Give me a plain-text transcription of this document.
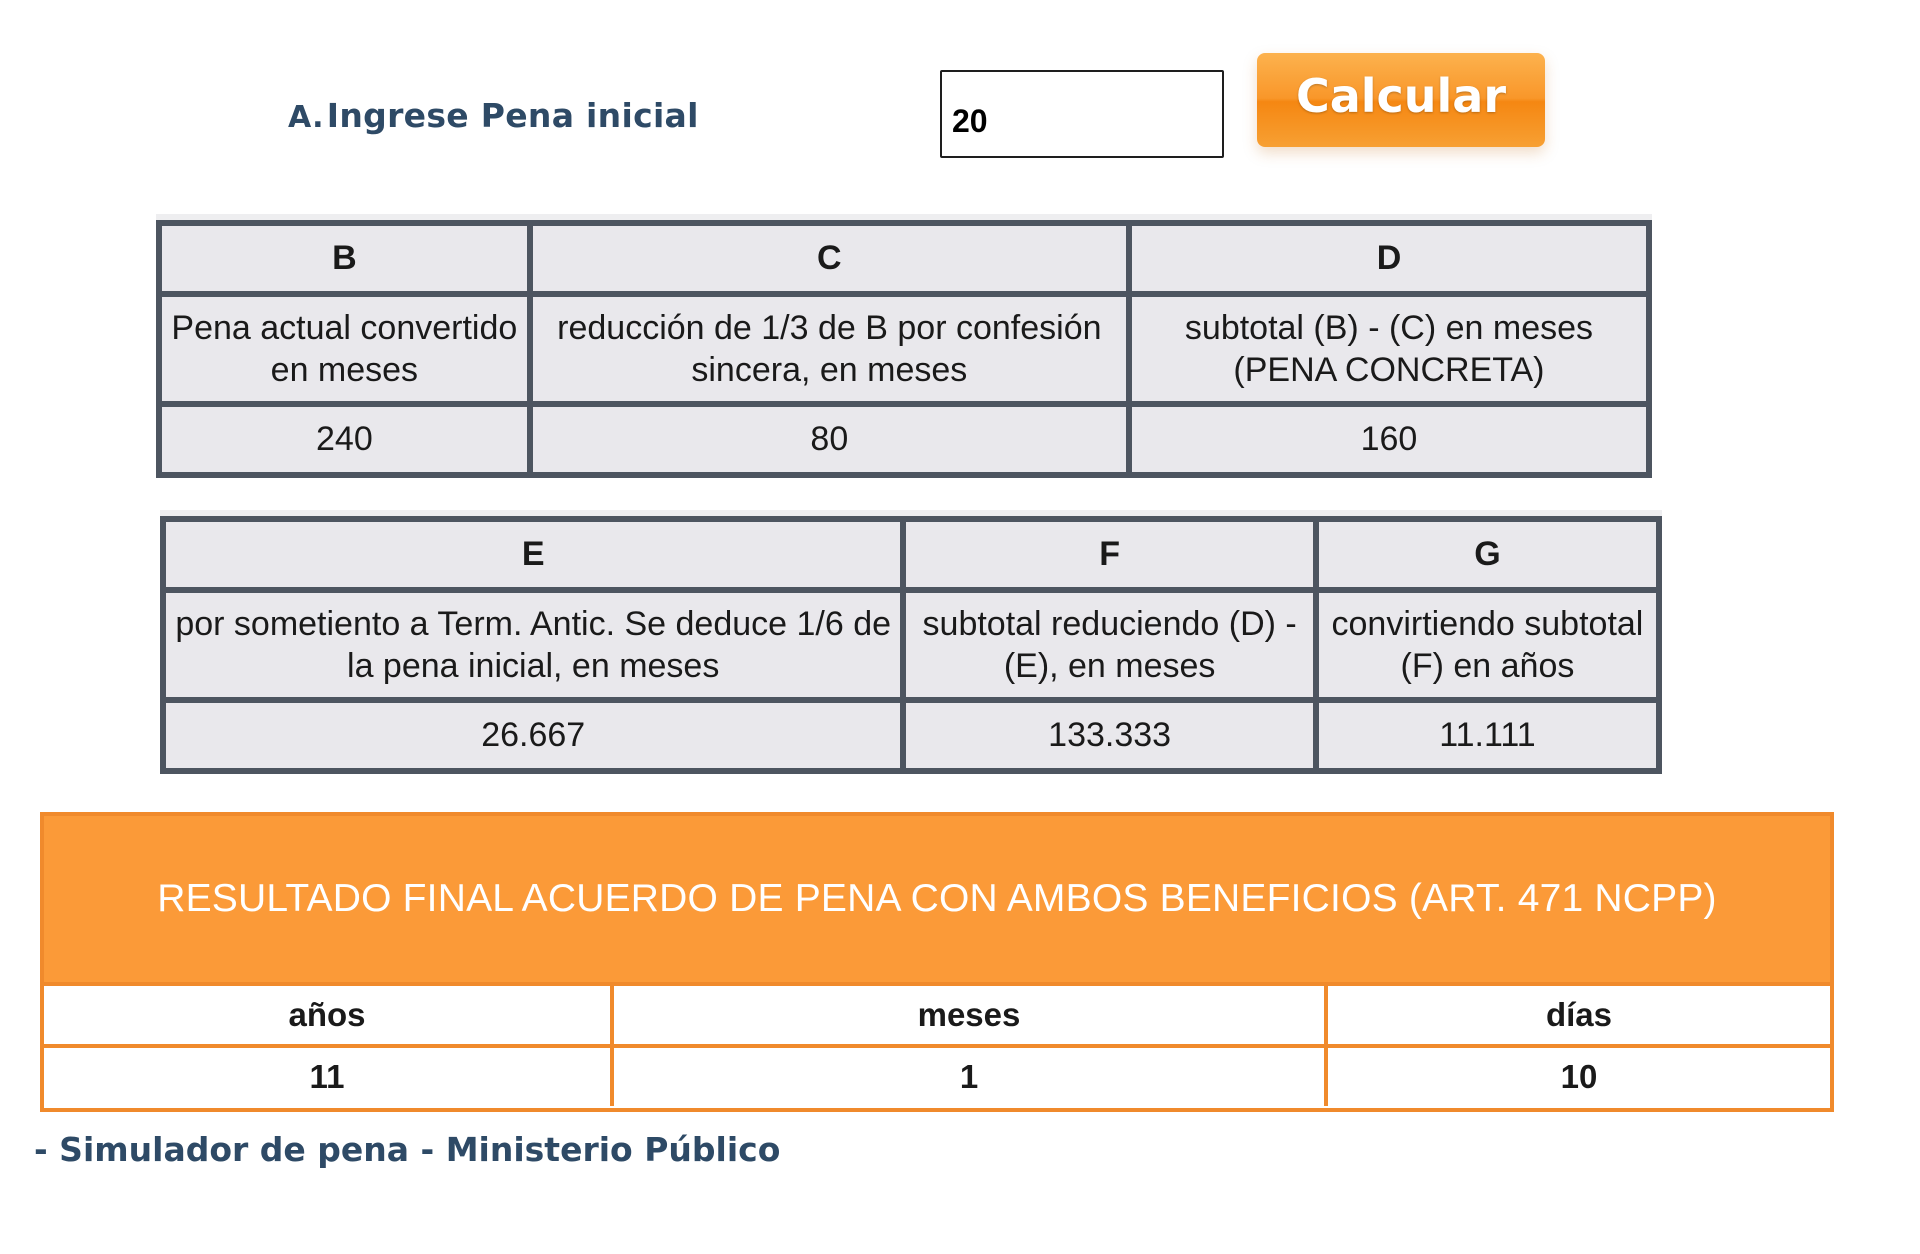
A.Ingrese Pena inicial
20	Calcular
B	C	D
Pena actual convertido en meses	reducción de 1/3 de B por confesión sincera, en meses	subtotal (B) - (C) en meses (PENA CONCRETA)
240	80	160
E	F	G
por sometiento a Term. Antic. Se deduce 1/6 de la pena inicial, en meses	subtotal reduciendo (D) - (E), en meses	convirtiendo subtotal (F) en años
26.667	133.333	11.111
RESULTADO FINAL ACUERDO DE PENA CON AMBOS BENEFICIOS (ART. 471 NCPP)
años	meses	días
11	1	10
- Simulador de pena - Ministerio Público
